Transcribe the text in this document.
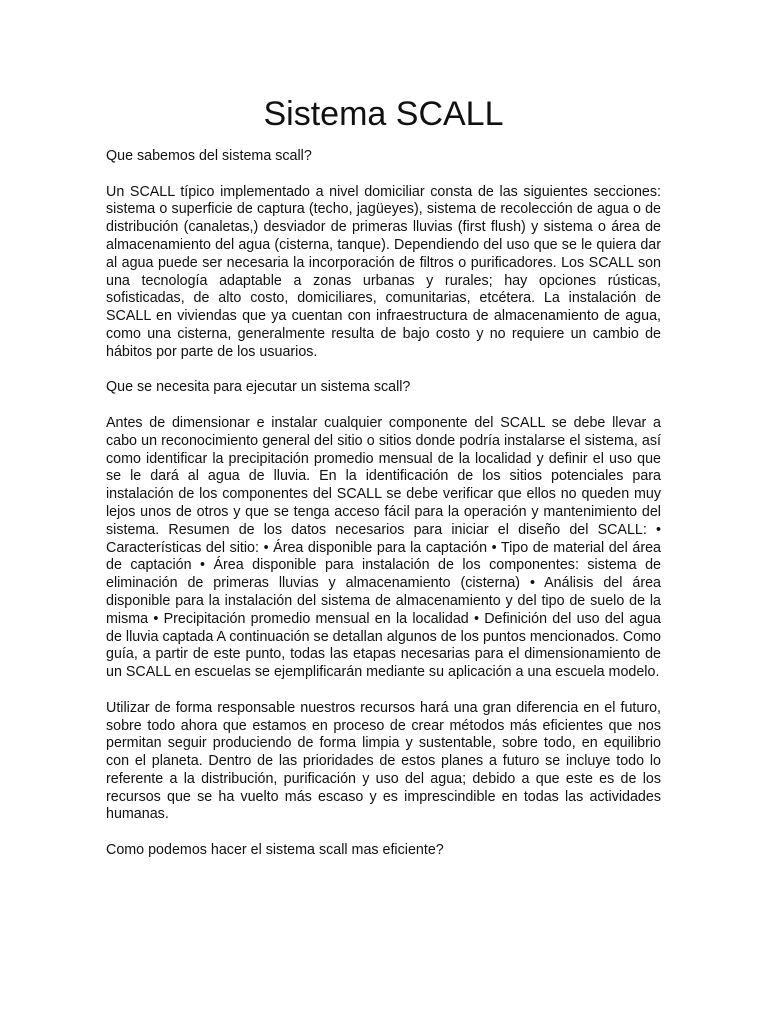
Sistema SCALL
Que sabemos del sistema scall?
Un SCALL típico implementado a nivel domiciliar consta de las siguientes secciones: sistema o superficie de captura (techo, jagüeyes), sistema de recolección de agua o de distribución (canaletas,) desviador de primeras lluvias (first flush) y sistema o área de almacenamiento del agua (cisterna, tanque). Dependiendo del uso que se le quiera dar al agua puede ser necesaria la incorporación de filtros o purificadores. Los SCALL son una tecnología adaptable a zonas urbanas y rurales; hay opciones rústicas, sofisticadas, de alto costo, domiciliares, comunitarias, etcétera. La instalación de SCALL en viviendas que ya cuentan con infraestructura de almacenamiento de agua, como una cisterna, generalmente resulta de bajo costo y no requiere un cambio de hábitos por parte de los usuarios.
Que se necesita para ejecutar un sistema scall?
Antes de dimensionar e instalar cualquier componente del SCALL se debe llevar a cabo un reconocimiento general del sitio o sitios donde podría instalarse el sistema, así como identificar la precipitación promedio mensual de la localidad y definir el uso que se le dará al agua de lluvia. En la identificación de los sitios potenciales para instalación de los componentes del SCALL se debe verificar que ellos no queden muy lejos unos de otros y que se tenga acceso fácil para la operación y mantenimiento del sistema. Resumen de los datos necesarios para iniciar el diseño del SCALL: • Características del sitio: • Área disponible para la captación • Tipo de material del área de captación • Área disponible para instalación de los componentes: sistema de eliminación de primeras lluvias y almacenamiento (cisterna) • Análisis del área disponible para la instalación del sistema de almacenamiento y del tipo de suelo de la misma • Precipitación promedio mensual en la localidad • Definición del uso del agua de lluvia captada A continuación se detallan algunos de los puntos mencionados. Como guía, a partir de este punto, todas las etapas necesarias para el dimensionamiento de un SCALL en escuelas se ejemplificarán mediante su aplicación a una escuela modelo.
Utilizar de forma responsable nuestros recursos hará una gran diferencia en el futuro, sobre todo ahora que estamos en proceso de crear métodos más eficientes que nos permitan seguir produciendo de forma limpia y sustentable, sobre todo, en equilibrio con el planeta. Dentro de las prioridades de estos planes a futuro se incluye todo lo referente a la distribución, purificación y uso del agua; debido a que este es de los recursos que se ha vuelto más escaso y es imprescindible en todas las actividades humanas.
Como podemos hacer el sistema scall mas eficiente?
